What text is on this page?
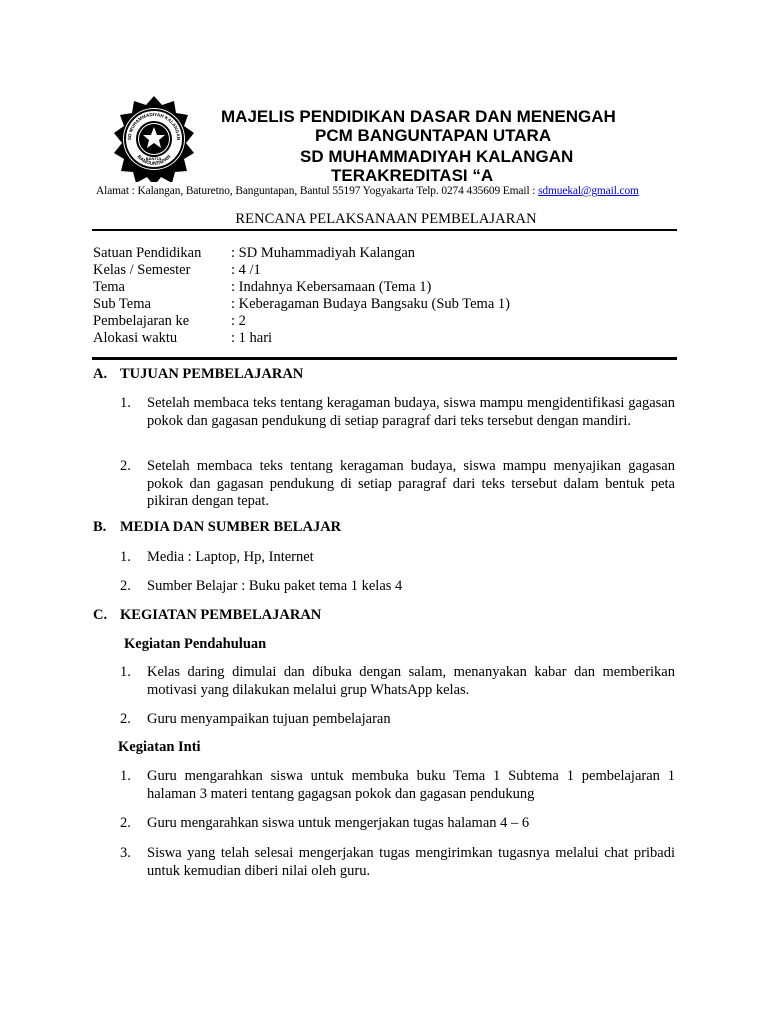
SD MUHAMMADIYAH KALANGAN
BANGUNTAPAN
BANTUL
MAJELIS PENDIDIKAN DASAR DAN MENENGAH
PCM BANGUNTAPAN UTARA
SD MUHAMMADIYAH KALANGAN
TERAKREDITASI “A
Alamat : Kalangan, Baturetno, Banguntapan, Bantul 55197 Yogyakarta Telp. 0274 435609 Email : sdmuekal@gmail.com
RENCANA PELAKSANAAN PEMBELAJARAN
Satuan Pendidikan	: SD Muhammadiyah Kalangan
Kelas / Semester	: 4 /1
Tema	: Indahnya Kebersamaan (Tema 1)
Sub Tema	: Keberagaman Budaya Bangsaku (Sub Tema 1)
Pembelajaran ke	: 2
Alokasi waktu	: 1 hari
A. TUJUAN PEMBELAJARAN
1.	Setelah membaca teks tentang keragaman budaya, siswa mampu mengidentifikasi gagasan pokok dan gagasan pendukung di setiap paragraf dari teks tersebut dengan mandiri.
2.	Setelah membaca teks tentang keragaman budaya, siswa mampu menyajikan gagasan pokok dan gagasan pendukung di setiap paragraf dari teks tersebut dalam bentuk peta pikiran dengan tepat.
B. MEDIA DAN SUMBER BELAJAR
1.	Media : Laptop, Hp, Internet
2.	Sumber Belajar : Buku paket tema 1 kelas 4
C. KEGIATAN PEMBELAJARAN
Kegiatan Pendahuluan
1.	Kelas daring dimulai dan dibuka dengan salam, menanyakan kabar dan memberikan motivasi yang dilakukan melalui grup WhatsApp kelas.
2.	Guru menyampaikan tujuan pembelajaran
Kegiatan Inti
1.	Guru mengarahkan siswa untuk membuka buku Tema 1 Subtema 1 pembelajaran 1 halaman 3 materi tentang gagagsan pokok dan gagasan pendukung
2.	Guru mengarahkan siswa untuk mengerjakan tugas halaman 4 – 6
3.	Siswa yang telah selesai mengerjakan tugas mengirimkan tugasnya melalui chat pribadi untuk kemudian diberi nilai oleh guru.
